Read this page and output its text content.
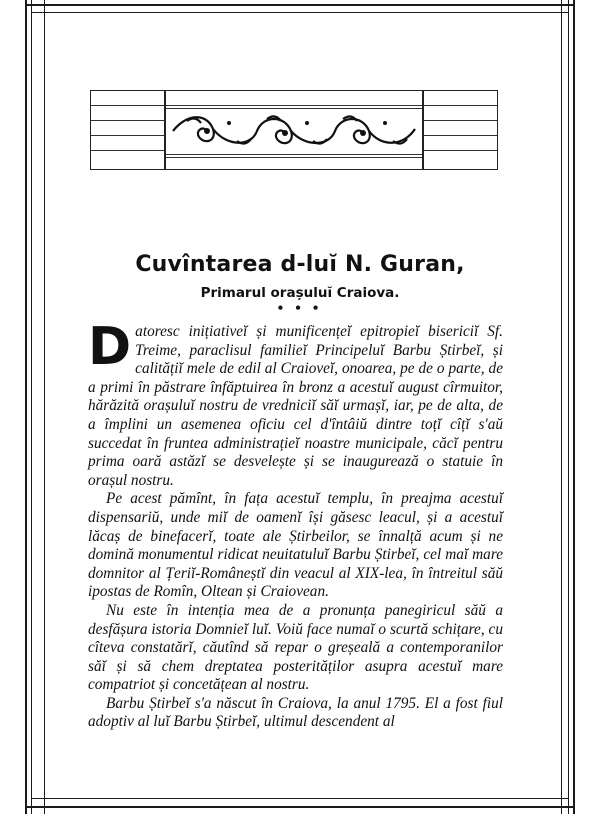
Cuvîntarea d-luĭ N. Guran,
Primarul orașuluĭ Craiova.
• • •

Datoresc inițiativeĭ și munificențeĭ epitropieĭ bisericiĭ Sf. Treime, paraclisul familieĭ Principeluĭ Barbu Știrbeĭ, și calitățiĭ mele de edil al Craioveĭ, onoarea, pe de o parte, de a primi în păstrare înfăptuirea în bronz a acestuĭ august cîrmuitor, hărăzită orașuluĭ nostru de vredniciĭ săĭ urmașĭ, iar, pe de alta, de a împlini un asemenea oficiu cel d'întâiŭ dintre toțĭ cîțĭ s'aŭ succedat în fruntea administrațieĭ noastre municipale, căcĭ pentru prima oară astăzĭ se desvelește și se inaugurează o statuie în orașul nostru.

Pe acest pămînt, în fața acestuĭ templu, în preajma acestuĭ dispensariŭ, unde miĭ de oamenĭ își găsesc leacul, și a acestuĭ lăcaș de binefacerĭ, toate ale Știrbeilor, se înnalță acum și ne domină monumentul ridicat neuitatuluĭ Barbu Știrbeĭ, cel maĭ mare domnitor al Țeriĭ-Româneștĭ din veacul al XIX-lea, în întreitul săŭ ipostas de Romîn, Oltean și Craiovean.

Nu este în intenția mea de a pronunța panegiricul săŭ a desfășura istoria Domnieĭ luĭ. Voiŭ face numaĭ o scurtă schițare, cu cîteva constatărĭ, căutînd să repar o greșeală a contemporanilor săĭ și să chem dreptatea posterităților asupra acestuĭ mare compatriot și concetățean al nostru.

Barbu Știrbeĭ s'a născut în Craiova, la anul 1795. El a fost fiul adoptiv al luĭ Barbu Știrbeĭ, ultimul descendent al
